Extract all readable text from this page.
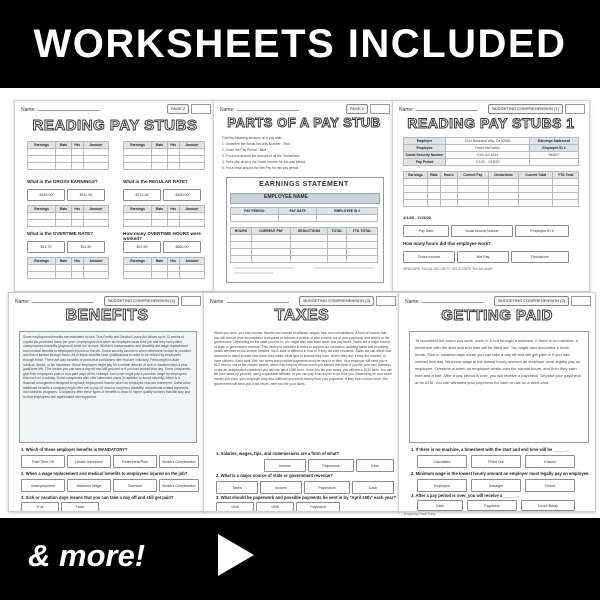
WORKSHEETS INCLUDED
Name:	PAGE 2
READING PAY STUBS
Earnings	Rate	Hrs	Amount

				Earnings	Rate	Hrs	Amount

What is the GROSS EARNINGS?	What is the REGULAR RATE?
$440.00	$511.00	$712.38	$460.00
Earnings	Rate	Hrs	Amount

				Earnings	Rate	Hrs	Amount

What is the OVERTIME RATE?	How many OVERTIME HOURS were worked?
$14.75	$11.50	$22.50	$660.00
Earnings	Rate	Hrs	Amount

				Earnings	Rate	Hrs	Amount

Name:	PAGE 1
PARTS OF A PAY STUB
Find the following sections on a pay stub.
1. Underline the Social Security Number - Red
2. Circle the Pay Period - Blue
3. Put a box around the Amount of all the Deductions.
4. Put a star around the Gross Income for this pay period.
5. Put a heart around the Net Pay for this pay period.
EARNINGS STATEMENT
EMPLOYEE NAME
PAY PERIOD	PAY DATE	EMPLOYEE ID #

HOURS	CURRENT PAY	DEDUCTIONS	TOTAL	YTD TOTAL

Name:	BUDGETING COMPREHENSION (1)
READING PAY STUBS 1
Employer	1234 Business Way, Ca 92880	Earnings Statement
Employee	Feree McCarthy	Employee ID #
Social Security Number	XXX-XX-1234	984827
Pay Period	1/1/20 - 1/15/20	
Earnings	Rate	Hours	Current Pay	Deductions	Current Total	YTD Total

1/1/20 - 1/15/20
Pay Date	Social Security Number	Employee ID #
How many hours did this employee work?
Gross Income	Net Pay	Deductions
MEDICARE, SOCIAL SECURITY, TAX & STATE TAX are what?
Name:	BUDGETING COMPREHENSION (4)
BENEFITS
Some employment benefits are mandated by law. This Family and Medical Leave Act allows up to 12 weeks of unpaid job-protected leave per year. Unemployment is when an employee loses their job and they can collect unemployment benefits (payment) while out of work. Worker's compensation and disability are wage replacement and medical benefits to employees injured on the job. Social security income is when retirement income is provided and this is funded through taxes. All of these benefits have qualifications in order to be utilized by employees through these. There are also benefits or perks that companies offer that are voluntary. Perks might include medical, dental, or life insurance. Some employers might pay for a certain amount of sick or vacation days a year (paid time off). This means you can take a day off and still get paid or if you had worked that day. Some companies give their employees paid or non-paid days off for holidays, and some might pay a premium wage for employees that work on a holiday. Some companies also offer retirement plans (in addition to social security) which is a financial arrangement designed to replace employment income when an employee reaches retirement. Some other additional benefits a company might offer are to pay for short or long term disability, educational related expenses, and wellness programs. Companies offer these types of benefits to draw in higher quality workers that will stay and so that employees feel appreciated and supported.
1. Which of these employer benefits is MANDATORY?
Paid Time Off	Health Insurance	Retirement Plan	Worker's Compensation
2. When a wage replacement and medical benefits to employees injured on the job?
Unemployment	Minimum Wage	Overtime	Worker's Compensation
3. Sick or vacation days means that you can take a day off and still get paid?
True	False
Name:	BUDGETING COMPREHENSION (3)
TAXES
When you work, you earn money. Income can consist of salaries, wages, tips, and commissions. A form of income that you will receive from an employer is required to subtract a portion of your income out of your paycheck and send it to the government. Depending on the state you live in, you might also owe state taxes and pay taxes. Taxes are a major source of state or government revenue. This money is collected in taxes to support our education, building roads and providing health services to low-income families. Such state is different in how or if they tax their residents. Sales tax can affect how someone is taxed include how much they make, what type of income they earn, where they live, if they are married, or have children. Each April 15th, tax forms and possible payments must be sent in or filed. Your employer will send you a W-2 form to use to file months before, which has a report of how much you earned that year. If you file your own business or are an independent contractor you will use get a 1099 form. Once you file your taxes, you will see a 1040 form. You can file your taxes by yourself, using a specialist website, or you can pay a tax expert to do it for you. Depending on how much money you earn, your employer may also withhold you some money from your paycheck. If they took out too much, the government will send you a tax return, after you file your taxes.
1. Salaries, wages, tips, and commissions are a form of what?
Income	Paperwork	Cash
2. What is a major source of state or government revenue?
Taxes	Income	Paperwork	Cash
3. What should be paperwork and possible payments be sent in by "April 15th" each year?
1040	1099	Paycheck
Name:	BUDGETING COMPREHENSION (2)
GETTING PAID
To document the hours you work, clock in & out through a machine. If there is no machine, a timesheet with the start and end time will be filled out. You might also document a lunch break. Sick or vacation days mean you can take a day off and still get paid or if you had worked that day. Minimum wage is the lowest hourly amount an employer must legally pay an employee. Overtime is when an employee works over the normal hours, and then they earn time and a half. After a pay period is over, you will receive a paycheck. Deposit your paycheck at an ATM. You can withdraw your paycheck for cash or use on a debit card.
1. If there is no machine, a timesheet with the start and end time will be ______.
Calculated	Filled Out	Erased
2. Minimum wage is the lowest hourly amount an employer must legally pay an employee.
Employee	Manager	Friend
3. After a pay period is over, you will receive a ______.
Cash	Paycheck	Lunch Break
Budgeting Made Easy
& more!
